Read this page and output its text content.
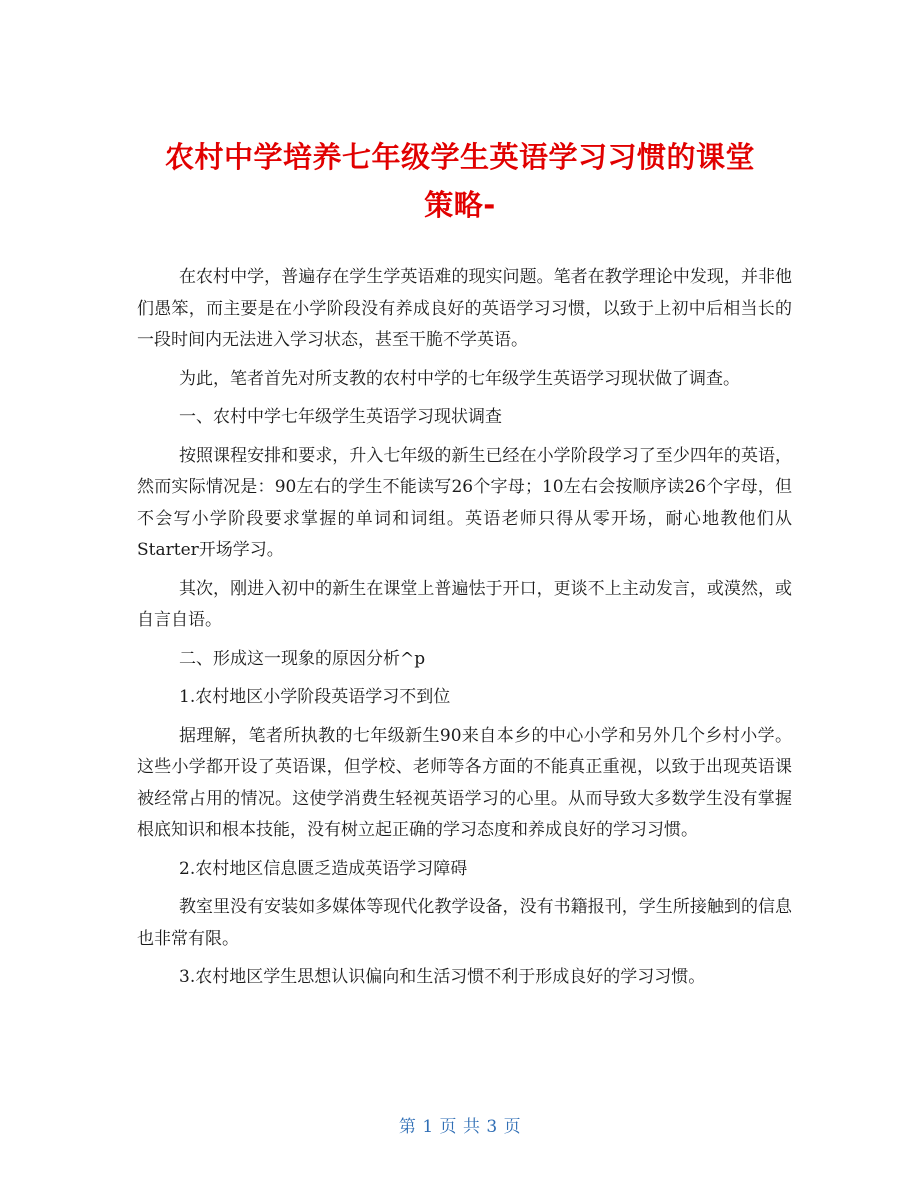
农村中学培养七年级学生英语学习习惯的课堂
策略-

在农村中学，普遍存在学生学英语难的现实问题。笔者在教学理论中发现，并非他们愚笨，而主要是在小学阶段没有养成良好的英语学习习惯，以致于上初中后相当长的一段时间内无法进入学习状态，甚至干脆不学英语。

为此，笔者首先对所支教的农村中学的七年级学生英语学习现状做了调查。

一、农村中学七年级学生英语学习现状调查

按照课程安排和要求，升入七年级的新生已经在小学阶段学习了至少四年的英语，然而实际情况是：90左右的学生不能读写26个字母；10左右会按顺序读26个字母，但不会写小学阶段要求掌握的单词和词组。英语老师只得从零开场，耐心地教他们从Starter开场学习。

其次，刚进入初中的新生在课堂上普遍怯于开口，更谈不上主动发言，或漠然，或自言自语。

二、形成这一现象的原因分析^p

1.农村地区小学阶段英语学习不到位

据理解，笔者所执教的七年级新生90来自本乡的中心小学和另外几个乡村小学。这些小学都开设了英语课，但学校、老师等各方面的不能真正重视，以致于出现英语课被经常占用的情况。这使学消费生轻视英语学习的心里。从而导致大多数学生没有掌握根底知识和根本技能，没有树立起正确的学习态度和养成良好的学习习惯。

2.农村地区信息匮乏造成英语学习障碍

教室里没有安装如多媒体等现代化教学设备，没有书籍报刊，学生所接触到的信息也非常有限。

3.农村地区学生思想认识偏向和生活习惯不利于形成良好的学习习惯。

第 1 页 共 3 页
